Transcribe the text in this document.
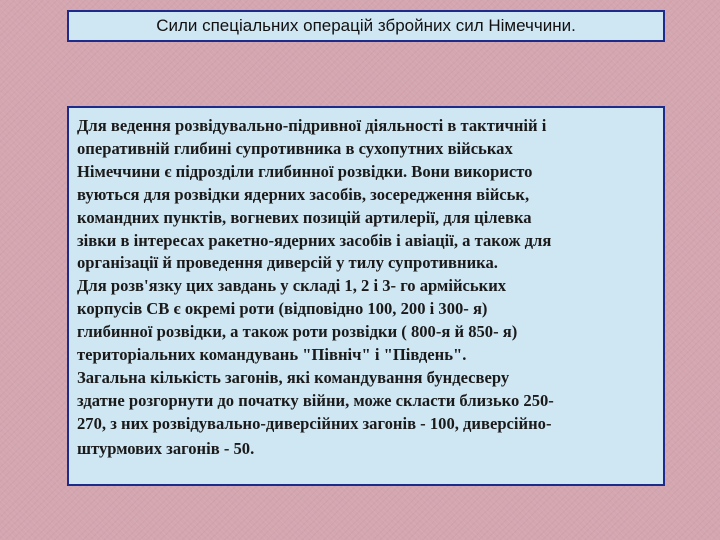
Сили спеціальних операцій збройних сил Німеччини.
Для ведення розвідувально-підривної діяльності в тактичній і
оперативній глибині супротивника в сухопутних військах
Німеччини є підрозділи глибинної розвідки. Вони використо
вуються для розвідки ядерних засобів, зосередження військ,
командних пунктів, вогневих позицій артилерії, для цілевка
зівки в інтересах ракетно-ядерних засобів і авіації, а також для
організації й проведення диверсій у тилу супротивника.
Для розв'язку цих завдань у складі 1, 2 і 3- го армійських
корпусів СВ є окремі роти (відповідно 100, 200 і 300- я)
глибинної розвідки, а також роти розвідки ( 800-я й 850- я)
територіальних командувань "Північ" і "Південь".
Загальна кількість загонів, які командування бундесверу
здатне розгорнути до початку війни, може скласти близько 250-
270, з них розвідувально-диверсійних загонів - 100, диверсійно-
штурмових загонів - 50.
